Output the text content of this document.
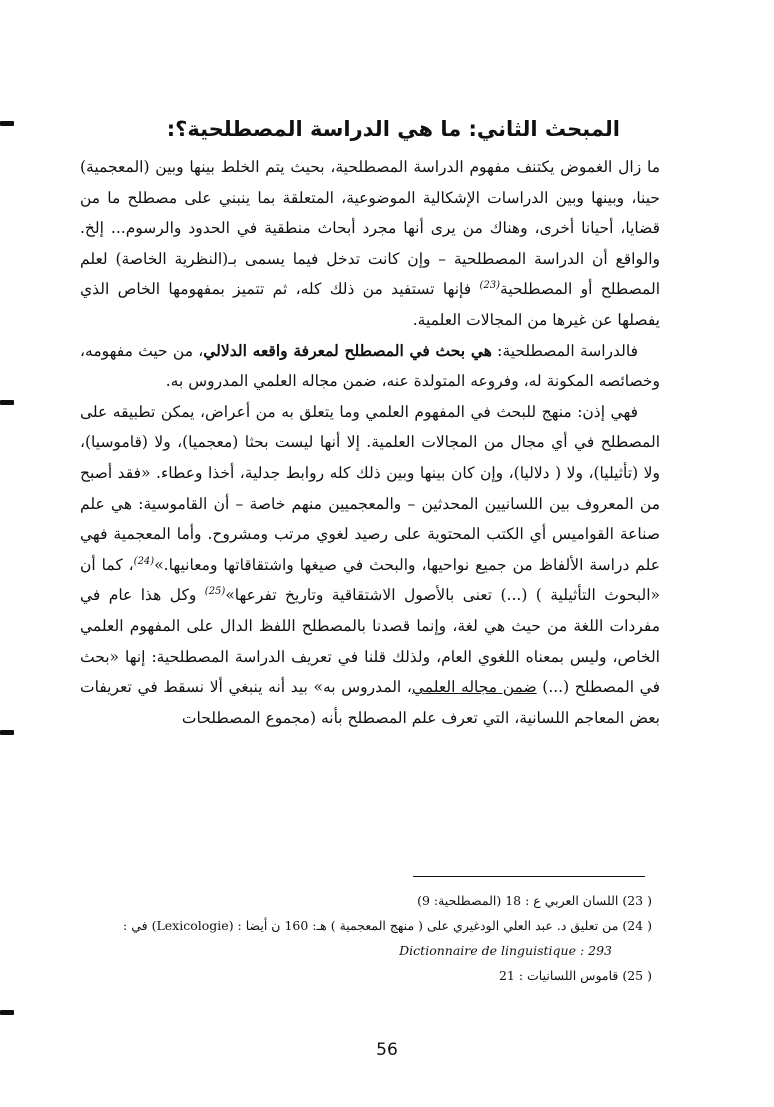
المبحث الثاني: ما هي الدراسة المصطلحية؟:

ما زال الغموض يكتنف مفهوم الدراسة المصطلحية، بحيث يتم الخلط بينها وبين (المعجمية) حينا، وبينها وبين الدراسات الإشكالية الموضوعية، المتعلقة بما ينبني على مصطلح ما من قضايا، أحيانا أخرى، وهناك من يرى أنها مجرد أبحاث منطقية في الحدود والرسوم... إلخ. والواقع أن الدراسة المصطلحية – وإن كانت تدخل فيما يسمى بـ(النظرية الخاصة) لعلم المصطلح أو المصطلحية$^{(23)}$ فإنها تستفيد من ذلك كله، ثم تتميز بمفهومها الخاص الذي يفصلها عن غيرها من المجالات العلمية.

فالدراسة المصطلحية: هي بحث في المصطلح لمعرفة واقعه الدلالي، من حيث مفهومه، وخصائصه المكونة له، وفروعه المتولدة عنه، ضمن مجاله العلمي المدروس به.

فهي إذن: منهج للبحث في المفهوم العلمي وما يتعلق به من أعراض، يمكن تطبيقه على المصطلح في أي مجال من المجالات العلمية. إلا أنها ليست بحثا (معجميا)، ولا (قاموسيا)، ولا (تأثيليا)، ولا ( دلاليا)، وإن كان بينها وبين ذلك كله روابط جدلية، أخذا وعطاء. «فقد أصبح من المعروف بين اللسانيين المحدثين – والمعجميين منهم خاصة – أن القاموسية: هي علم صناعة القواميس أي الكتب المحتوية على رصيد لغوي مرتب ومشروح. وأما المعجمية فهي علم دراسة الألفاظ من جميع نواحيها، والبحث في صيغها واشتقاقاتها ومعانيها.»$^{(24)}$، كما أن «البحوث التأثيلية ) (...) تعنى بالأصول الاشتقاقية وتاريخ تفرعها»$^{(25)}$ وكل هذا عام في مفردات اللغة من حيث هي لغة، وإنما قصدنا بالمصطلح اللفظ الدال على المفهوم العلمي الخاص، وليس بمعناه اللغوي العام، ولذلك قلنا في تعريف الدراسة المصطلحية: إنها «بحث في المصطلح (...) ضمن مجاله العلمي، المدروس به» بيد أنه ينبغي ألا نسقط في تعريفات بعض المعاجم اللسانية، التي تعرف علم المصطلح بأنه (مجموع المصطلحات

( 23) اللسان العربي ع : 18 (المصطلحية: 9)

( 24) من تعليق د. عبد العلي الودغيري على ( منهج المعجمية ) هـ: 160 ن أيضا : (Lexicologie) في :

Dictionnaire de linguistique : 293

( 25) قاموس اللسانيات : 21

56
